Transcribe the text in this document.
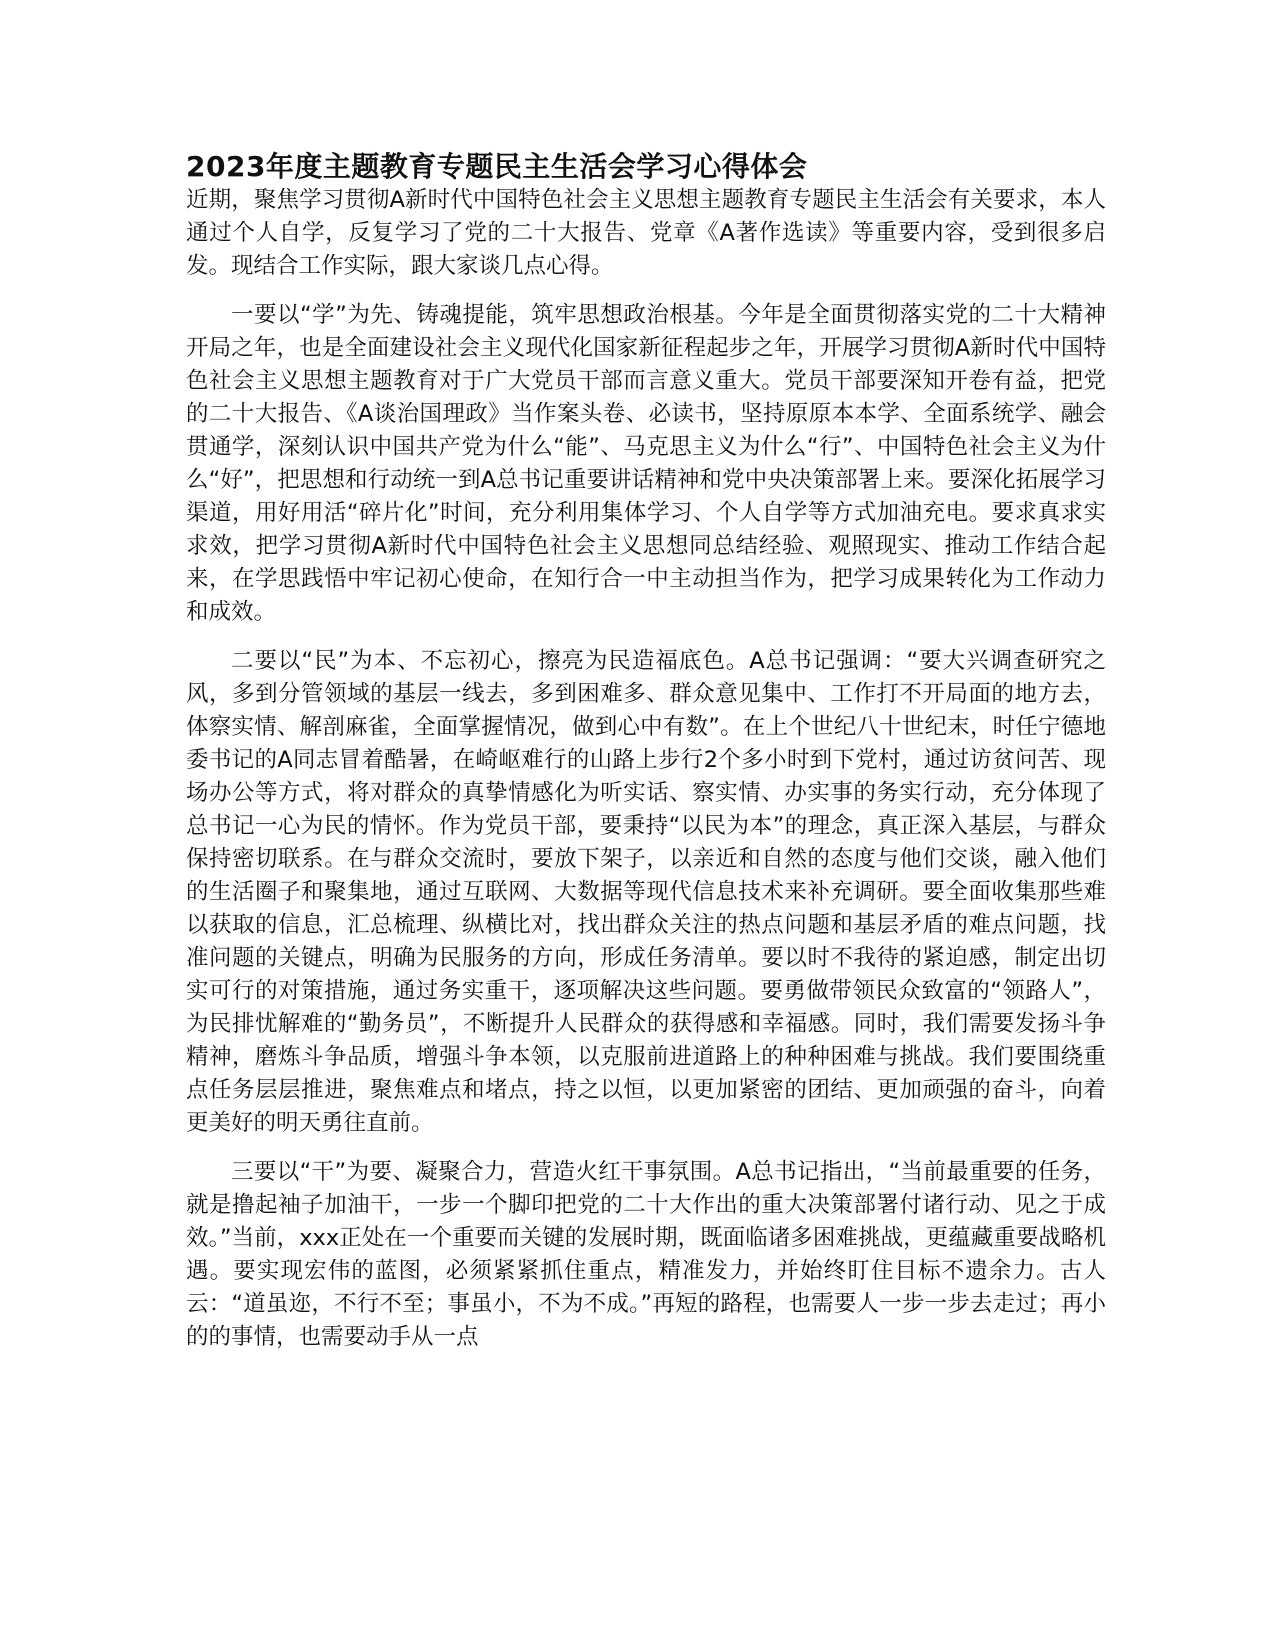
2023年度主题教育专题民主生活会学习心得体会

近期，聚焦学习贯彻A新时代中国特色社会主义思想主题教育专题民主生活会有关要求，本人通过个人自学，反复学习了党的二十大报告、党章《A著作选读》等重要内容，受到很多启发。现结合工作实际，跟大家谈几点心得。

一要以“学”为先、铸魂提能，筑牢思想政治根基。今年是全面贯彻落实党的二十大精神开局之年，也是全面建设社会主义现代化国家新征程起步之年，开展学习贯彻A新时代中国特色社会主义思想主题教育对于广大党员干部而言意义重大。党员干部要深知开卷有益，把党的二十大报告、《A谈治国理政》当作案头卷、必读书，坚持原原本本学、全面系统学、融会贯通学，深刻认识中国共产党为什么“能”、马克思主义为什么“行”、中国特色社会主义为什么“好”，把思想和行动统一到A总书记重要讲话精神和党中央决策部署上来。要深化拓展学习渠道，用好用活“碎片化”时间，充分利用集体学习、个人自学等方式加油充电。要求真求实求效，把学习贯彻A新时代中国特色社会主义思想同总结经验、观照现实、推动工作结合起来，在学思践悟中牢记初心使命，在知行合一中主动担当作为，把学习成果转化为工作动力和成效。

二要以“民”为本、不忘初心，擦亮为民造福底色。A总书记强调：“要大兴调查研究之风，多到分管领域的基层一线去，多到困难多、群众意见集中、工作打不开局面的地方去，体察实情、解剖麻雀，全面掌握情况，做到心中有数”。在上个世纪八十世纪末，时任宁德地委书记的A同志冒着酷暑，在崎岖难行的山路上步行2个多小时到下党村，通过访贫问苦、现场办公等方式，将对群众的真挚情感化为听实话、察实情、办实事的务实行动，充分体现了总书记一心为民的情怀。作为党员干部，要秉持“以民为本”的理念，真正深入基层，与群众保持密切联系。在与群众交流时，要放下架子，以亲近和自然的态度与他们交谈，融入他们的生活圈子和聚集地，通过互联网、大数据等现代信息技术来补充调研。要全面收集那些难以获取的信息，汇总梳理、纵横比对，找出群众关注的热点问题和基层矛盾的难点问题，找准问题的关键点，明确为民服务的方向，形成任务清单。要以时不我待的紧迫感，制定出切实可行的对策措施，通过务实重干，逐项解决这些问题。要勇做带领民众致富的“领路人”，为民排忧解难的“勤务员”，不断提升人民群众的获得感和幸福感。同时，我们需要发扬斗争精神，磨炼斗争品质，增强斗争本领，以克服前进道路上的种种困难与挑战。我们要围绕重点任务层层推进，聚焦难点和堵点，持之以恒，以更加紧密的团结、更加顽强的奋斗，向着更美好的明天勇往直前。

三要以“干”为要、凝聚合力，营造火红干事氛围。A总书记指出，“当前最重要的任务，就是撸起袖子加油干，一步一个脚印把党的二十大作出的重大决策部署付诸行动、见之于成效。”当前，xxx正处在一个重要而关键的发展时期，既面临诸多困难挑战，更蕴藏重要战略机遇。要实现宏伟的蓝图，必须紧紧抓住重点，精准发力，并始终盯住目标不遗余力。古人云：“道虽迩，不行不至；事虽小，不为不成。”再短的路程，也需要人一步一步去走过；再小的的事情，也需要动手从一点
